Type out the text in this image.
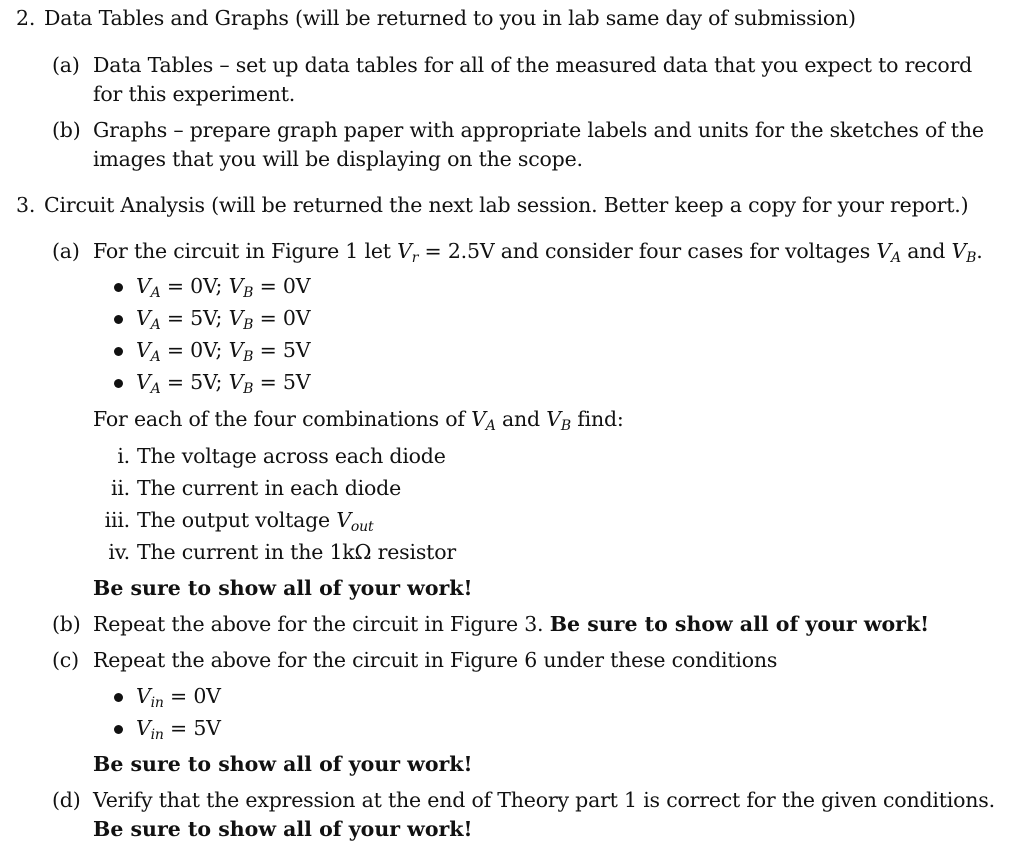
2. Data Tables and Graphs (will be returned to you in lab same day of submission)
(a) Data Tables – set up data tables for all of the measured data that you expect to record
for this experiment.
(b) Graphs – prepare graph paper with appropriate labels and units for the sketches of the
images that you will be displaying on the scope.
3. Circuit Analysis (will be returned the next lab session. Better keep a copy for your report.)
(a) For the circuit in Figure 1 let $V_r = 2.5V$ and consider four cases for voltages $V_A$ and $V_B$.
$V_A = 0V$; $V_B = 0V$
$V_A = 5V$; $V_B = 0V$
$V_A = 0V$; $V_B = 5V$
$V_A = 5V$; $V_B = 5V$
For each of the four combinations of $V_A$ and $V_B$ find:
i. The voltage across each diode
ii. The current in each diode
iii. The output voltage $V_{out}$
iv. The current in the 1kΩ resistor
Be sure to show all of your work!
(b) Repeat the above for the circuit in Figure 3. Be sure to show all of your work!
(c) Repeat the above for the circuit in Figure 6 under these conditions
$V_{in} = 0V$
$V_{in} = 5V$
Be sure to show all of your work!
(d) Verify that the expression at the end of Theory part 1 is correct for the given conditions.
Be sure to show all of your work!
